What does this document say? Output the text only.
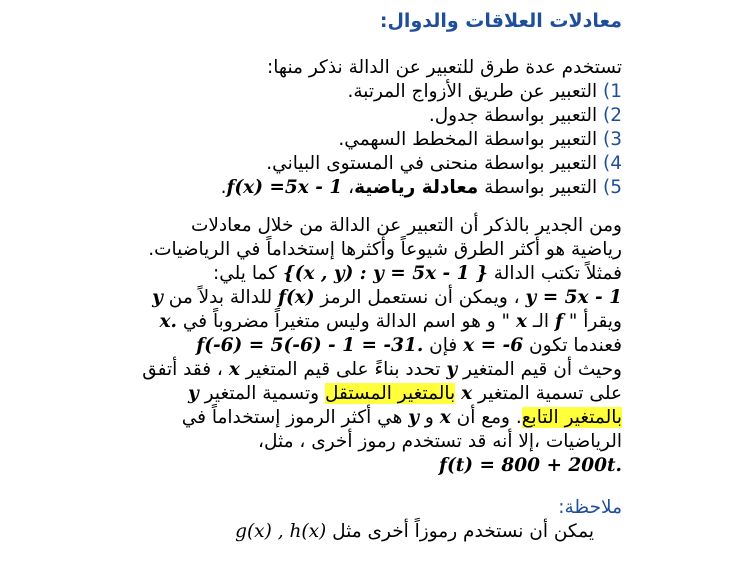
معادلات العلاقات والدوال:
تستخدم عدة طرق للتعبير عن الدالة نذكر منها:
1) التعبير عن طريق الأزواج المرتبة.
2) التعبير بواسطة جدول.
3) التعبير بواسطة المخطط السهمي.
4) التعبير بواسطة منحنى في المستوى البياني.
5) التعبير بواسطة معادلة رياضية، f(x) =5x - 1.
ومن الجدير بالذكر أن التعبير عن الدالة من خلال معادلات
رياضية هو أكثر الطرق شيوعاً وأكثرها إستخداماً في الرياضيات.
فمثلاً تكتب الدالة {(x , y) : y = 5x - 1 } كما يلي:
y = 5x - 1 ، ويمكن أن نستعمل الرمز f(x) للدالة بدلاً من y
ويقرأ " f الـ x " و هو اسم الدالة وليس متغيراً مضروباً في x.
فعندما تكون x = -6 فإن f(-6) = 5(-6) - 1 = -31.
وحيث أن قيم المتغير y تحدد بناءً على قيم المتغير x ، فقد أتفق
على تسمية المتغير x بالمتغير المستقل وتسمية المتغير y
بالمتغير التابع. ومع أن x و y هي أكثر الرموز إستخداماً في
الرياضيات ،إلا أنه قد تستخدم رموز أخرى ، مثل،
f(t) = 800 + 200t.
ملاحظة:
يمكن أن نستخدم رموزاً أخرى مثل g(x) , h(x)
